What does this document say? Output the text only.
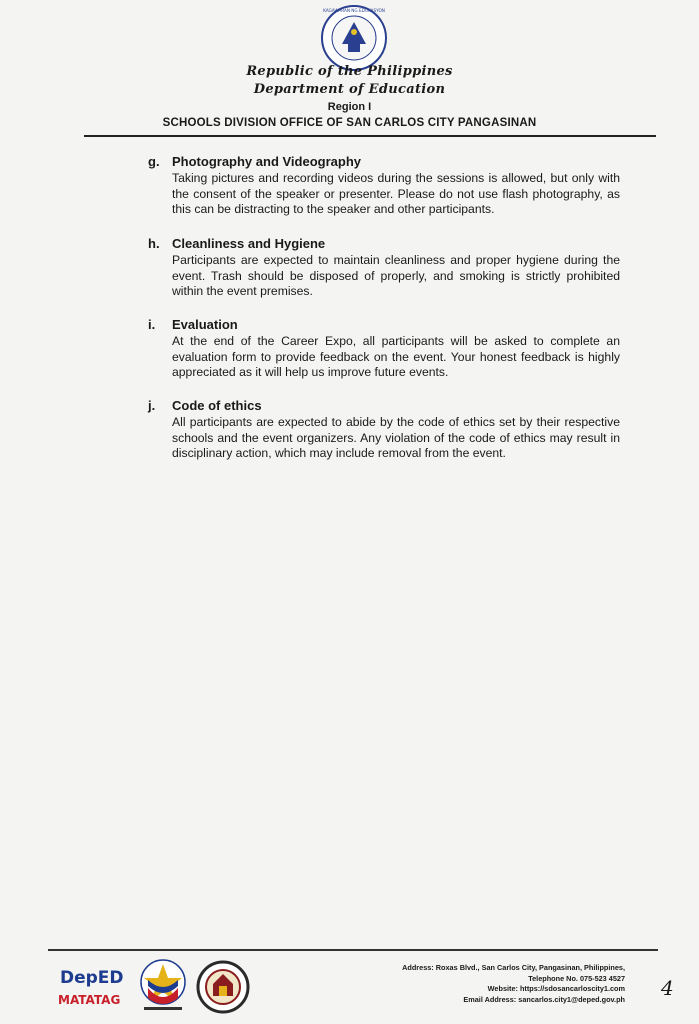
KAGAWARAN NG EDUKASYON

Republic of the Philippines

Department of Education

Region I

SCHOOLS DIVISION OFFICE OF SAN CARLOS CITY PANGASINAN

g. Photography and Videography

Taking pictures and recording videos during the sessions is allowed, but only with the consent of the speaker or presenter. Please do not use flash photography, as this can be distracting to the speaker and other participants.

h. Cleanliness and Hygiene

Participants are expected to maintain cleanliness and proper hygiene during the event. Trash should be disposed of properly, and smoking is strictly prohibited within the event premises.

i. Evaluation

At the end of the Career Expo, all participants will be asked to complete an evaluation form to provide feedback on the event. Your honest feedback is highly appreciated as it will help us improve future events.

j. Code of ethics

All participants are expected to abide by the code of ethics set by their respective schools and the event organizers. Any violation of the code of ethics may result in disciplinary action, which may include removal from the event.

DepED
MATATAG
Address: Roxas Blvd., San Carlos City, Pangasinan, Philippines,
Telephone No. 075-523 4527
Website: https://sdosancarloscity1.com
Email Address: sancarlos.city1@deped.gov.ph 4
